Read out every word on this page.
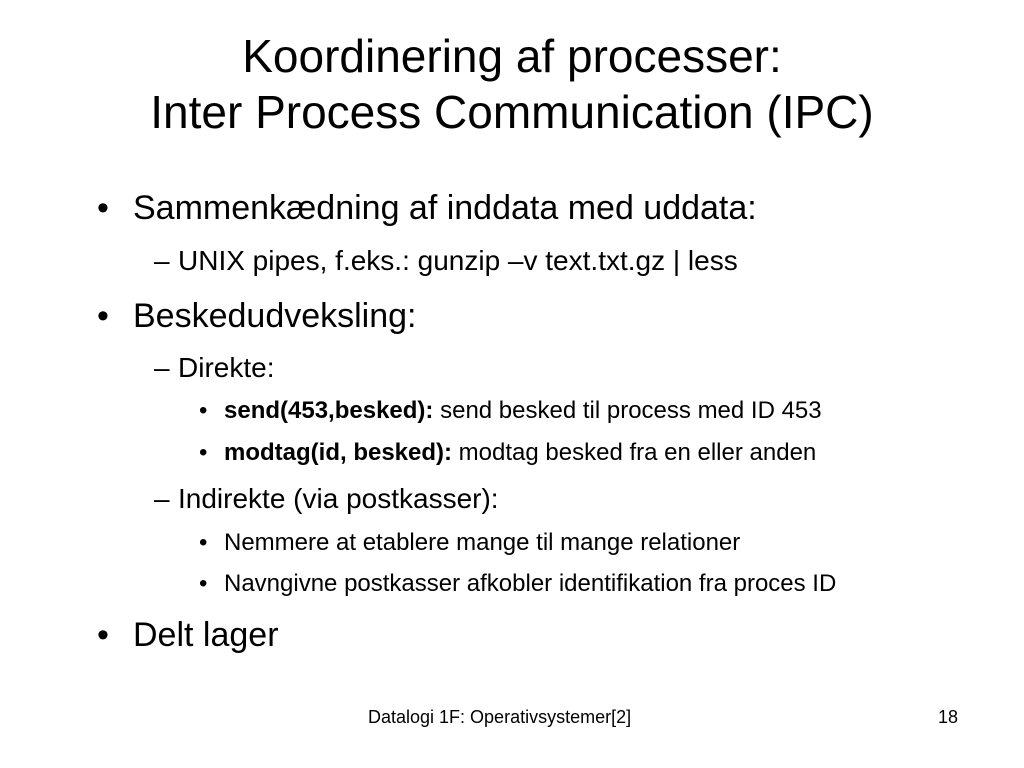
Koordinering af processer:
Inter Process Communication (IPC)
• Sammenkædning af inddata med uddata:
– UNIX pipes, f.eks.: gunzip –v text.txt.gz | less
• Beskedudveksling:
– Direkte:
• send(453,besked): send besked til process med ID 453
• modtag(id, besked): modtag besked fra en eller anden
– Indirekte (via postkasser):
• Nemmere at etablere mange til mange relationer
• Navngivne postkasser afkobler identifikation fra proces ID
• Delt lager
Datalogi 1F: Operativsystemer[2]	18
